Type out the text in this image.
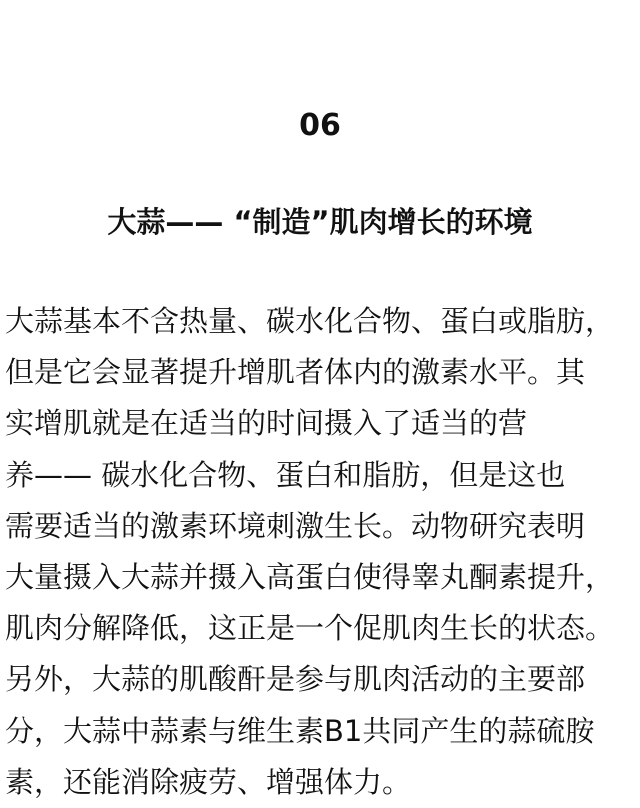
06
大蒜—— “制造”肌肉增长的环境

大蒜基本不含热量、碳水化合物、蛋白或脂肪，
但是它会显著提升增肌者体内的激素水平。其
实增肌就是在适当的时间摄入了适当的营
养—— 碳水化合物、蛋白和脂肪，但是这也
需要适当的激素环境刺激生长。动物研究表明
大量摄入大蒜并摄入高蛋白使得睾丸酮素提升，
肌肉分解降低，这正是一个促肌肉生长的状态。
另外，大蒜的肌酸酐是参与肌肉活动的主要部
分，大蒜中蒜素与维生素B1共同产生的蒜硫胺
素，还能消除疲劳、增强体力。
